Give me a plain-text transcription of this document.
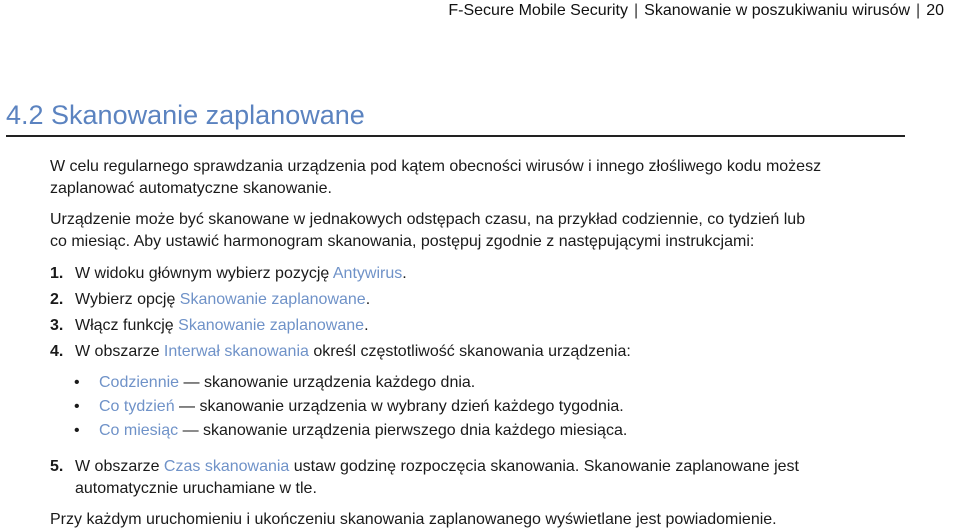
F-Secure Mobile Security | Skanowanie w poszukiwaniu wirusów | 20
4.2 Skanowanie zaplanowane
W celu regularnego sprawdzania urządzenia pod kątem obecności wirusów i innego złośliwego kodu możesz
zaplanować automatyczne skanowanie.
Urządzenie może być skanowane w jednakowych odstępach czasu, na przykład codziennie, co tydzień lub
co miesiąc. Aby ustawić harmonogram skanowania, postępuj zgodnie z następującymi instrukcjami:
1. W widoku głównym wybierz pozycję Antywirus.
2. Wybierz opcję Skanowanie zaplanowane.
3. Włącz funkcję Skanowanie zaplanowane.
4. W obszarze Interwał skanowania określ częstotliwość skanowania urządzenia:
• Codziennie — skanowanie urządzenia każdego dnia.
• Co tydzień — skanowanie urządzenia w wybrany dzień każdego tygodnia.
• Co miesiąc — skanowanie urządzenia pierwszego dnia każdego miesiąca.
5. W obszarze Czas skanowania ustaw godzinę rozpoczęcia skanowania. Skanowanie zaplanowane jest
automatycznie uruchamiane w tle.
Przy każdym uruchomieniu i ukończeniu skanowania zaplanowanego wyświetlane jest powiadomienie.
